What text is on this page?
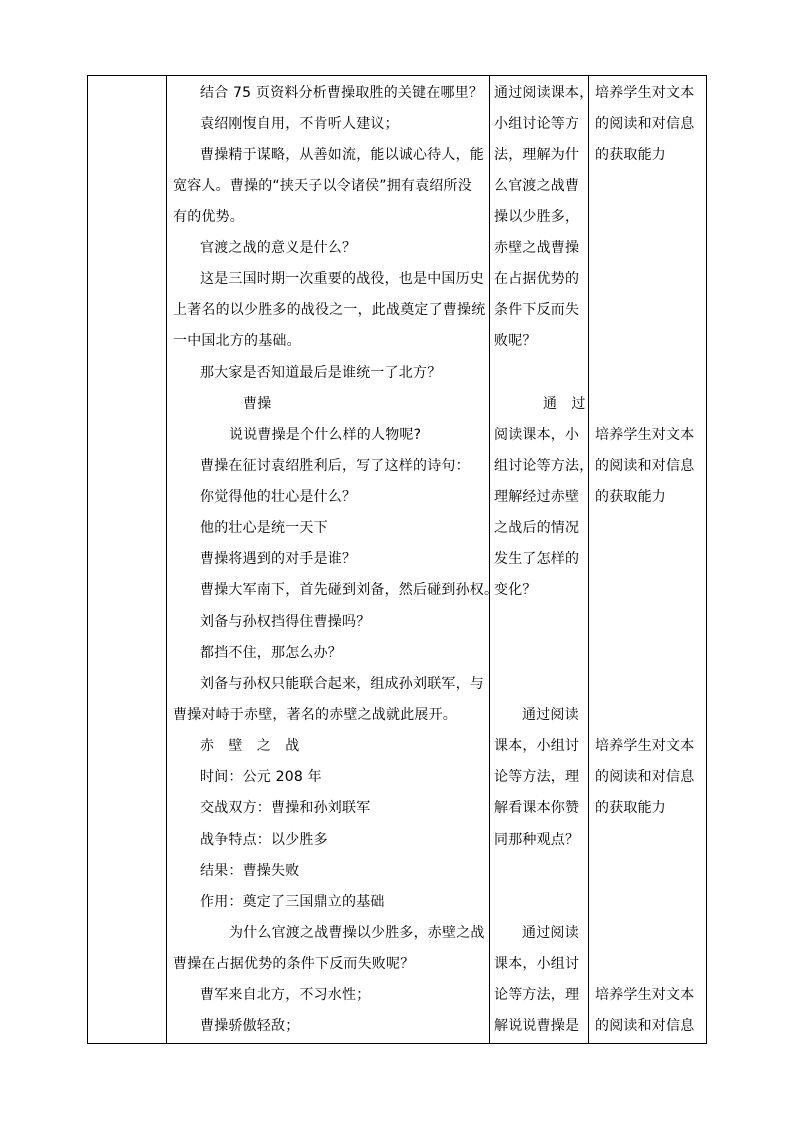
结合 75 页资料分析曹操取胜的关键在哪里？
袁绍刚愎自用，不肯听人建议；
曹操精于谋略，从善如流，能以诚心待人，能
宽容人。曹操的“挟天子以令诸侯”拥有袁绍所没
有的优势。
官渡之战的意义是什么？
这是三国时期一次重要的战役，也是中国历史
上著名的以少胜多的战役之一，此战奠定了曹操统
一中国北方的基础。
那大家是否知道最后是谁统一了北方？
曹操
说说曹操是个什么样的人物呢?
曹操在征讨袁绍胜利后，写了这样的诗句：
你觉得他的壮心是什么？
他的壮心是统一天下
曹操将遇到的对手是谁？
曹操大军南下，首先碰到刘备，然后碰到孙权。
刘备与孙权挡得住曹操吗？
都挡不住，那怎么办？
刘备与孙权只能联合起来，组成孙刘联军，与
曹操对峙于赤壁，著名的赤壁之战就此展开。
赤　壁　之　战
时间：公元 208 年
交战双方：曹操和孙刘联军
战争特点：以少胜多
结果：曹操失败
作用：奠定了三国鼎立的基础
为什么官渡之战曹操以少胜多，赤壁之战
曹操在占据优势的条件下反而失败呢？
曹军来自北方，不习水性；
曹操骄傲轻敌；
通过阅读课本，
小组讨论等方
法，理解为什
么官渡之战曹
操以少胜多，
赤壁之战曹操
在占据优势的
条件下反而失
败呢？
通　过
阅读课本，小
组讨论等方法，
理解经过赤壁
之战后的情况
发生了怎样的
变化？
通过阅读
课本，小组讨
论等方法，理
解看课本你赞
同那种观点？
通过阅读
课本，小组讨
论等方法，理
解说说曹操是
培养学生对文本
的阅读和对信息
的获取能力
培养学生对文本
的阅读和对信息
的获取能力
培养学生对文本
的阅读和对信息
的获取能力
培养学生对文本
的阅读和对信息
